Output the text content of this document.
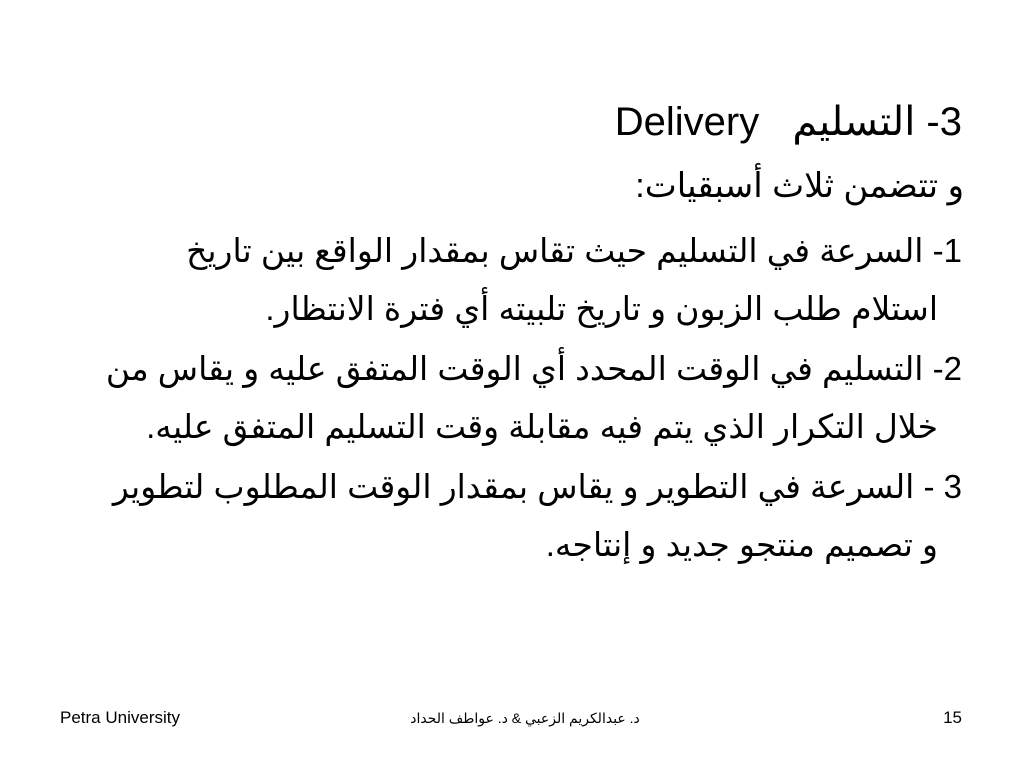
Delivery 3- التسليم
و تتضمن ثلاث أسبقيات:

1- السرعة في التسليم حيث تقاس بمقدار الواقع بين تاريخ استلام طلب الزبون و تاريخ تلبيته أي فترة الانتظار.

2- التسليم في الوقت المحدد أي الوقت المتفق عليه و يقاس من خلال التكرار الذي يتم فيه مقابلة وقت التسليم المتفق عليه.

3 - السرعة في التطوير و يقاس بمقدار الوقت المطلوب لتطوير و تصميم منتجو جديد و إنتاجه.

Petra University	د. عبدالكريم الزعبي & د. عواطف الحداد	15
